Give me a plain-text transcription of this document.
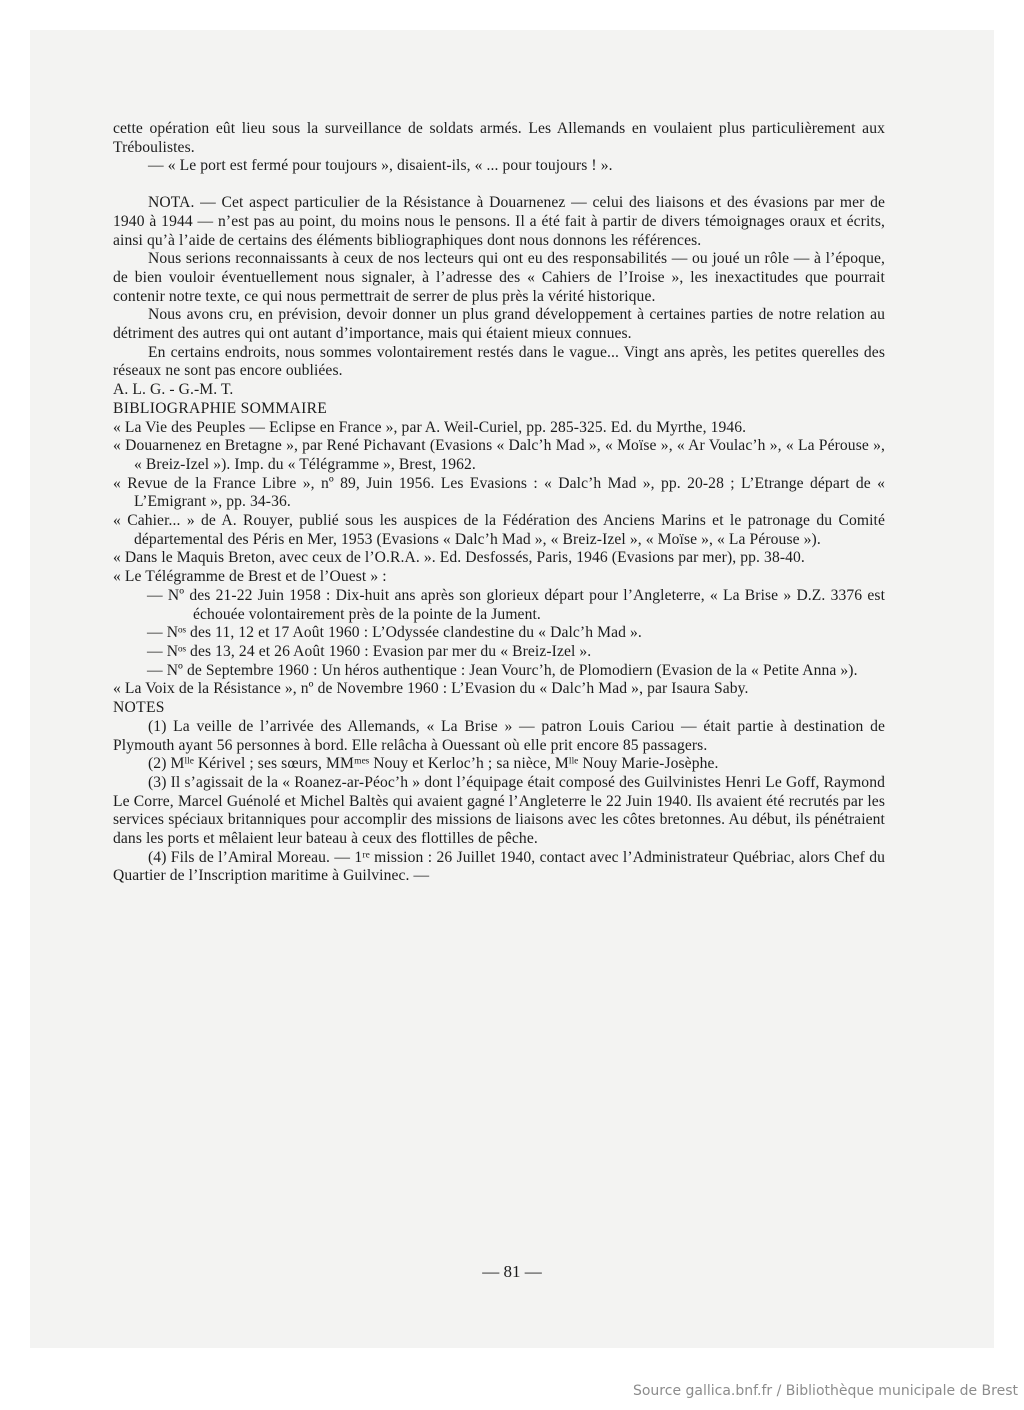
cette opération eût lieu sous la surveillance de soldats armés. Les Allemands en voulaient plus particulièrement aux Tréboulistes.

— « Le port est fermé pour toujours », disaient-ils, « ... pour toujours ! ».

NOTA. — Cet aspect particulier de la Résistance à Douarnenez — celui des liaisons et des évasions par mer de 1940 à 1944 — n’est pas au point, du moins nous le pensons. Il a été fait à partir de divers témoignages oraux et écrits, ainsi qu’à l’aide de certains des éléments bibliographiques dont nous donnons les références.

Nous serions reconnaissants à ceux de nos lecteurs qui ont eu des responsabilités — ou joué un rôle — à l’époque, de bien vouloir éventuellement nous signaler, à l’adresse des « Cahiers de l’Iroise », les inexactitudes que pourrait contenir notre texte, ce qui nous permettrait de serrer de plus près la vérité historique.

Nous avons cru, en prévision, devoir donner un plus grand développement à certaines parties de notre relation au détriment des autres qui ont autant d’importance, mais qui étaient mieux connues.

En certains endroits, nous sommes volontairement restés dans le vague... Vingt ans après, les petites querelles des réseaux ne sont pas encore oubliées.

A. L. G. - G.-M. T.

BIBLIOGRAPHIE SOMMAIRE

« La Vie des Peuples — Eclipse en France », par A. Weil-Curiel, pp. 285-325. Ed. du Myrthe, 1946.

« Douarnenez en Bretagne », par René Pichavant (Evasions « Dalc’h Mad », « Moïse », « Ar Voulac’h », « La Pérouse », « Breiz-Izel »). Imp. du « Télégramme », Brest, 1962.

« Revue de la France Libre », nº 89, Juin 1956. Les Evasions : « Dalc’h Mad », pp. 20-28 ; L’Etrange départ de « L’Emigrant », pp. 34-36.

« Cahier... » de A. Rouyer, publié sous les auspices de la Fédération des Anciens Marins et le patronage du Comité départemental des Péris en Mer, 1953 (Evasions « Dalc’h Mad », « Breiz-Izel », « Moïse », « La Pérouse »).

« Dans le Maquis Breton, avec ceux de l’O.R.A. ». Ed. Desfossés, Paris, 1946 (Evasions par mer), pp. 38-40.

« Le Télégramme de Brest et de l’Ouest » :

— Nº des 21-22 Juin 1958 : Dix-huit ans après son glorieux départ pour l’Angleterre, « La Brise » D.Z. 3376 est échouée volontairement près de la pointe de la Jument.

— Nᵒˢ des 11, 12 et 17 Août 1960 : L’Odyssée clandestine du « Dalc’h Mad ».

— Nᵒˢ des 13, 24 et 26 Août 1960 : Evasion par mer du « Breiz-Izel ».

— Nº de Septembre 1960 : Un héros authentique : Jean Vourc’h, de Plomodiern (Evasion de la « Petite Anna »).

« La Voix de la Résistance », nº de Novembre 1960 : L’Evasion du « Dalc’h Mad », par Isaura Saby.

NOTES

(1) La veille de l’arrivée des Allemands, « La Brise » — patron Louis Cariou — était partie à destination de Plymouth ayant 56 personnes à bord. Elle relâcha à Ouessant où elle prit encore 85 passagers.

(2) Mˡˡᵉ Kérivel ; ses sœurs, MMᵐᵉˢ Nouy et Kerloc’h ; sa nièce, Mˡˡᵉ Nouy Marie-Josèphe.

(3) Il s’agissait de la « Roanez-ar-Péoc’h » dont l’équipage était composé des Guilvinistes Henri Le Goff, Raymond Le Corre, Marcel Guénolé et Michel Baltès qui avaient gagné l’Angleterre le 22 Juin 1940. Ils avaient été recrutés par les services spéciaux britanniques pour accomplir des missions de liaisons avec les côtes bretonnes. Au début, ils pénétraient dans les ports et mêlaient leur bateau à ceux des flottilles de pêche.

(4) Fils de l’Amiral Moreau. — 1ʳᵉ mission : 26 Juillet 1940, contact avec l’Administrateur Québriac, alors Chef du Quartier de l’Inscription maritime à Guilvinec. —

— 81 —
Source gallica.bnf.fr / Bibliothèque municipale de Brest
